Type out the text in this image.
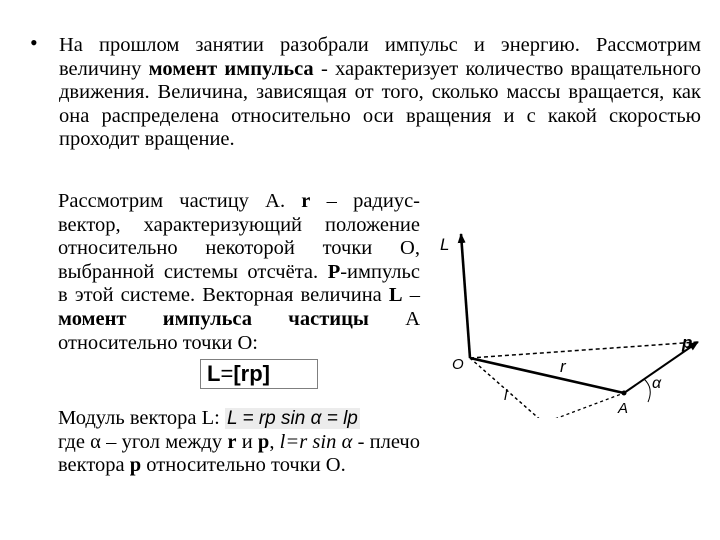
• На прошлом занятии разобрали импульс и энергию. Рассмотрим величину момент импульса - характеризует количество вращательного движения. Величина, зависящая от того, сколько массы вращается, как она распределена относительно оси вращения и с какой скоростью проходит вращение.

Рассмотрим частицу А. r – радиус-вектор, характеризующий положение относительно некоторой точки О, выбранной системы отсчёта. Р-импульс в этой системе. Векторная величина L – момент импульса частицы А относительно точки О:

L=[rp]

Модуль вектора L: L = rp sin α = lp
где α – угол между r и р, l=r sin α - плечо вектора р относительно точки О.

L
O	r
l
p
A
α
